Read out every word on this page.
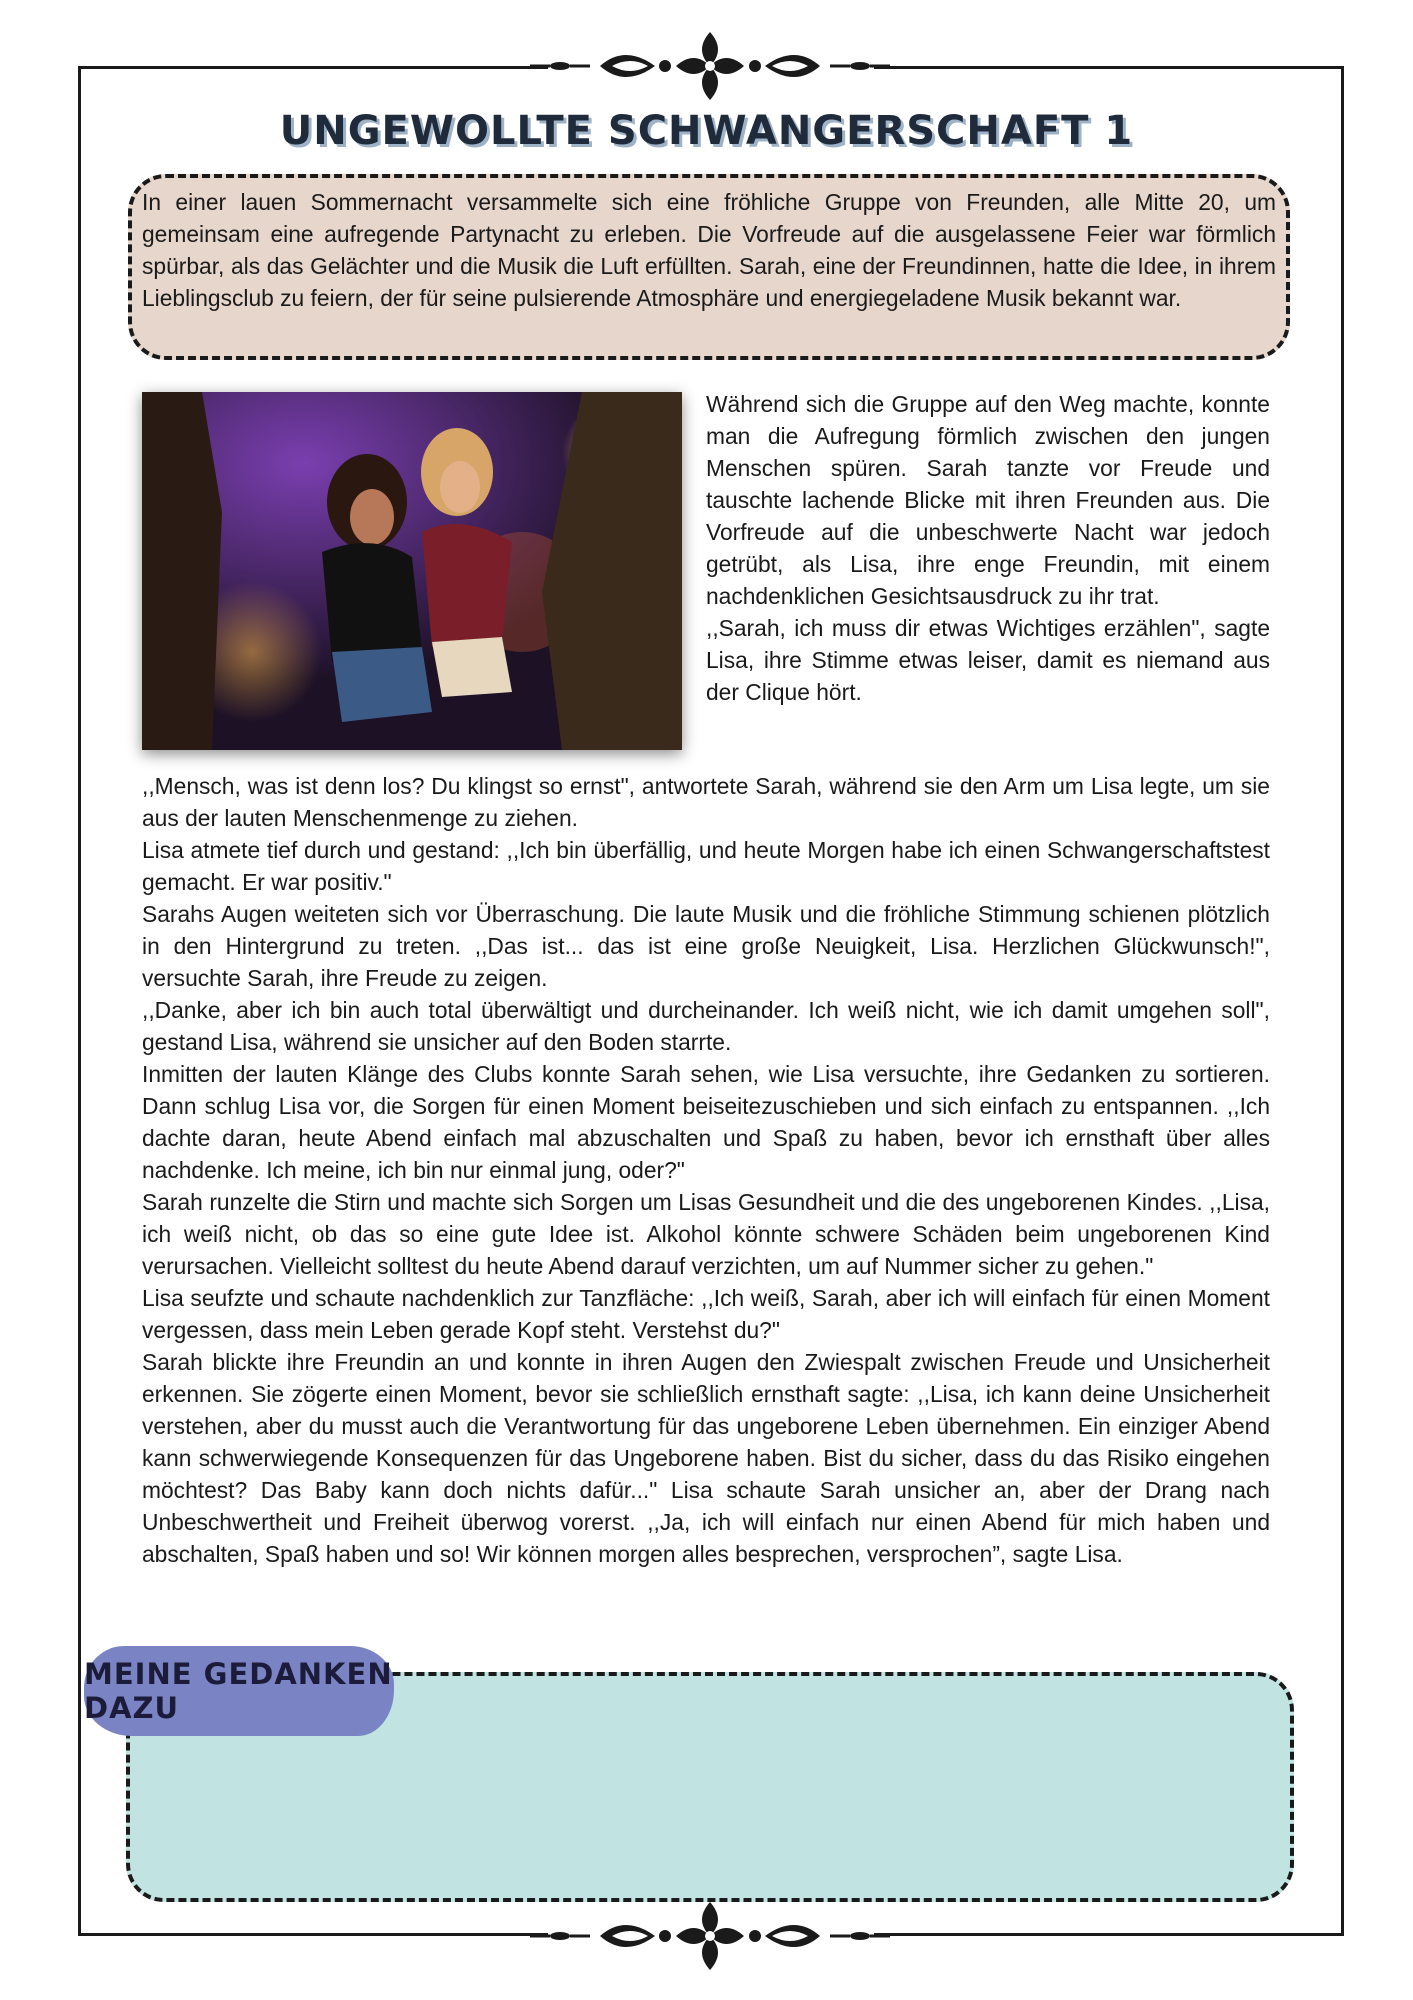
UNGEWOLLTE SCHWANGERSCHAFT 1

In einer lauen Sommernacht versammelte sich eine fröhliche Gruppe von Freunden, alle Mitte 20, um gemeinsam eine aufregende Partynacht zu erleben. Die Vorfreude auf die ausgelassene Feier war förmlich spürbar, als das Gelächter und die Musik die Luft erfüllten. Sarah, eine der Freundinnen, hatte die Idee, in ihrem Lieblingsclub zu feiern, der für seine pulsierende Atmosphäre und energiegeladene Musik bekannt war.

Während sich die Gruppe auf den Weg machte, konnte man die Aufregung förmlich zwischen den jungen Menschen spüren. Sarah tanzte vor Freude und tauschte lachende Blicke mit ihren Freunden aus. Die Vorfreude auf die unbeschwerte Nacht war jedoch getrübt, als Lisa, ihre enge Freundin, mit einem nachdenklichen Gesichtsausdruck zu ihr trat.

,,Sarah, ich muss dir etwas Wichtiges erzählen", sagte Lisa, ihre Stimme etwas leiser, damit es niemand aus der Clique hört.

,,Mensch, was ist denn los? Du klingst so ernst", antwortete Sarah, während sie den Arm um Lisa legte, um sie aus der lauten Menschenmenge zu ziehen.

Lisa atmete tief durch und gestand: ,,Ich bin überfällig, und heute Morgen habe ich einen Schwangerschaftstest gemacht. Er war positiv."

Sarahs Augen weiteten sich vor Überraschung. Die laute Musik und die fröhliche Stimmung schienen plötzlich in den Hintergrund zu treten. ,,Das ist... das ist eine große Neuigkeit, Lisa. Herzlichen Glückwunsch!", versuchte Sarah, ihre Freude zu zeigen.

,,Danke, aber ich bin auch total überwältigt und durcheinander. Ich weiß nicht, wie ich damit umgehen soll", gestand Lisa, während sie unsicher auf den Boden starrte.

Inmitten der lauten Klänge des Clubs konnte Sarah sehen, wie Lisa versuchte, ihre Gedanken zu sortieren. Dann schlug Lisa vor, die Sorgen für einen Moment beiseitezuschieben und sich einfach zu entspannen. ,,Ich dachte daran, heute Abend einfach mal abzuschalten und Spaß zu haben, bevor ich ernsthaft über alles nachdenke. Ich meine, ich bin nur einmal jung, oder?"

Sarah runzelte die Stirn und machte sich Sorgen um Lisas Gesundheit und die des ungeborenen Kindes. ,,Lisa, ich weiß nicht, ob das so eine gute Idee ist. Alkohol könnte schwere Schäden beim ungeborenen Kind verursachen. Vielleicht solltest du heute Abend darauf verzichten, um auf Nummer sicher zu gehen."

Lisa seufzte und schaute nachdenklich zur Tanzfläche: ,,Ich weiß, Sarah, aber ich will einfach für einen Moment vergessen, dass mein Leben gerade Kopf steht. Verstehst du?"

Sarah blickte ihre Freundin an und konnte in ihren Augen den Zwiespalt zwischen Freude und Unsicherheit erkennen. Sie zögerte einen Moment, bevor sie schließlich ernsthaft sagte: ,,Lisa, ich kann deine Unsicherheit verstehen, aber du musst auch die Verantwortung für das ungeborene Leben übernehmen. Ein einziger Abend kann schwerwiegende Konsequenzen für das Ungeborene haben. Bist du sicher, dass du das Risiko eingehen möchtest? Das Baby kann doch nichts dafür..." Lisa schaute Sarah unsicher an, aber der Drang nach Unbeschwertheit und Freiheit überwog vorerst. ,,Ja, ich will einfach nur einen Abend für mich haben und abschalten, Spaß haben und so! Wir können morgen alles besprechen, versprochen”, sagte Lisa.

MEINE GEDANKEN DAZU
